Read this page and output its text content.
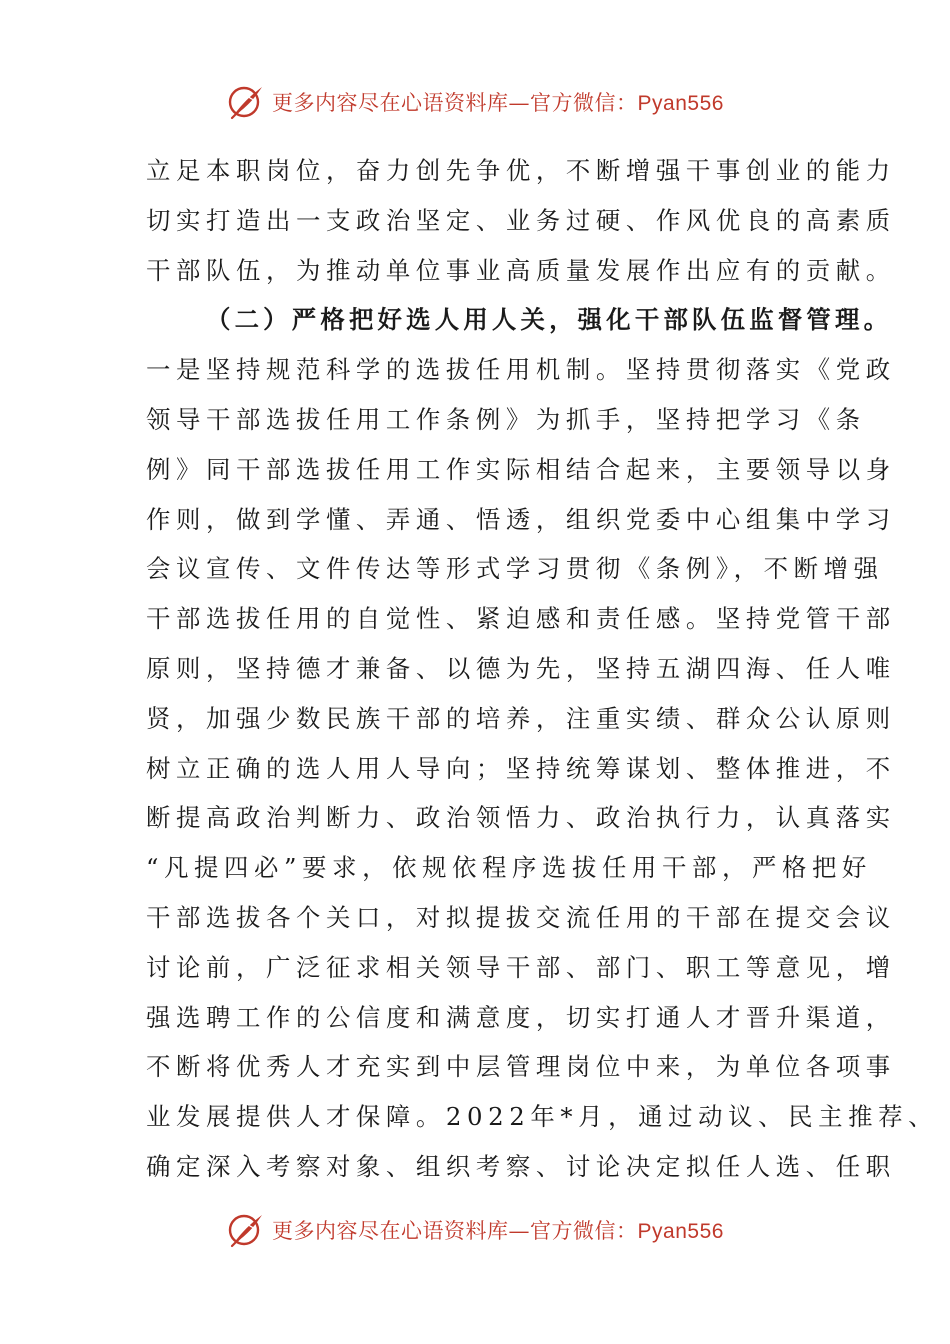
更多内容尽在心语资料库—官方微信：Pyan556
立足本职岗位，奋力创先争优，不断增强干事创业的能力
切实打造出一支政治坚定、业务过硬、作风优良的高素质
干部队伍，为推动单位事业高质量发展作出应有的贡献。
（二）严格把好选人用人关，强化干部队伍监督管理。
一是坚持规范科学的选拔任用机制。坚持贯彻落实《党政
领导干部选拔任用工作条例》为抓手，坚持把学习《条
例》同干部选拔任用工作实际相结合起来，主要领导以身
作则，做到学懂、弄通、悟透，组织党委中心组集中学习
会议宣传、文件传达等形式学习贯彻《条例》，不断增强
干部选拔任用的自觉性、紧迫感和责任感。坚持党管干部
原则，坚持德才兼备、以德为先，坚持五湖四海、任人唯
贤，加强少数民族干部的培养，注重实绩、群众公认原则
树立正确的选人用人导向；坚持统筹谋划、整体推进，不
断提高政治判断力、政治领悟力、政治执行力，认真落实
“凡提四必”要求，依规依程序选拔任用干部，严格把好
干部选拔各个关口，对拟提拔交流任用的干部在提交会议
讨论前，广泛征求相关领导干部、部门、职工等意见，增
强选聘工作的公信度和满意度，切实打通人才晋升渠道，
不断将优秀人才充实到中层管理岗位中来，为单位各项事
业发展提供人才保障。2022年*月，通过动议、民主推荐、
确定深入考察对象、组织考察、讨论决定拟任人选、任职
更多内容尽在心语资料库—官方微信：Pyan556
